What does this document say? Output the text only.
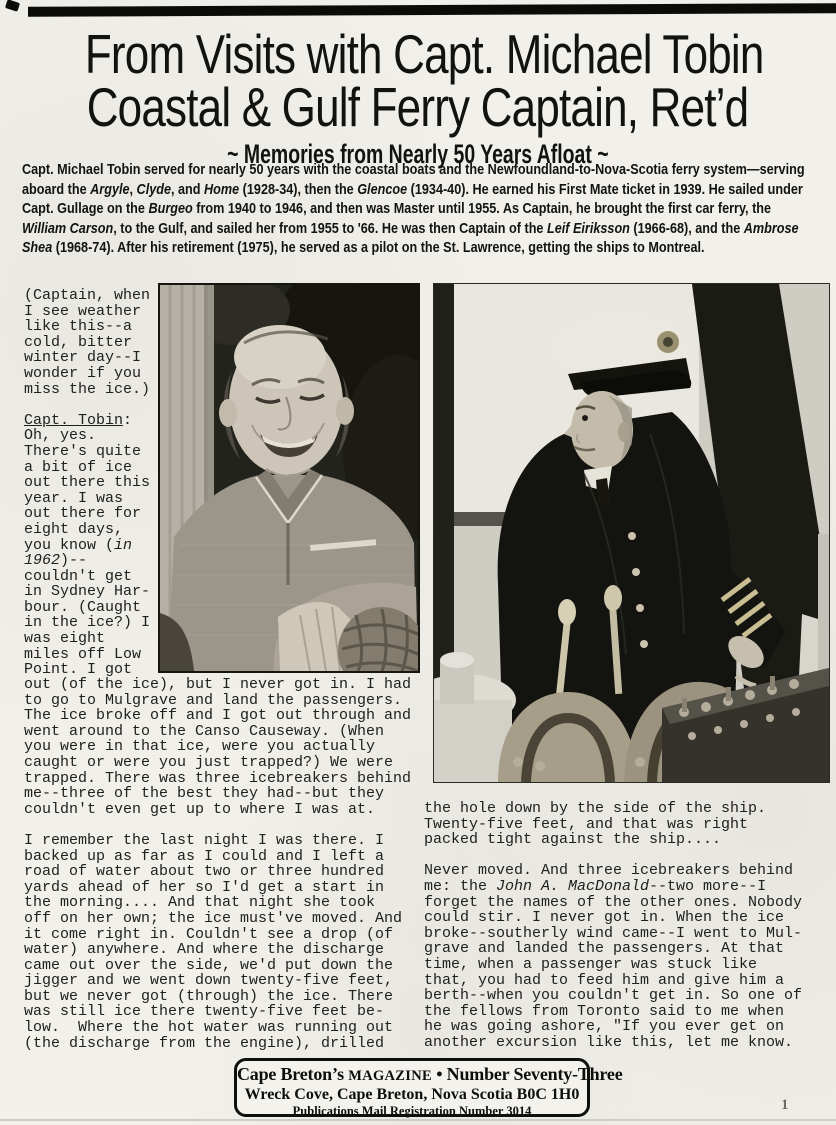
From Visits with Capt. Michael Tobin
Coastal & Gulf Ferry Captain, Ret’d
~ Memories from Nearly 50 Years Afloat ~

Capt. Michael Tobin served for nearly 50 years with the coastal boats and the Newfoundland-to-Nova-Scotia ferry system—serving aboard the Argyle, Clyde, and Home (1928-34), then the Glencoe (1934-40). He earned his First Mate ticket in 1939. He sailed under Capt. Gullage on the Burgeo from 1940 to 1946, and then was Master until 1955. As Captain, he brought the first car ferry, the William Carson, to the Gulf, and sailed her from 1955 to '66. He was then Captain of the Leif Eiriksson (1966-68), and the Ambrose Shea (1968-74). After his retirement (1975), he served as a pilot on the St. Lawrence, getting the ships to Montreal.

(Captain, when
I see weather
like this--a
cold, bitter
winter day--I
wonder if you
miss the ice.)

Capt. Tobin:
Oh, yes.
There's quite
a bit of ice
out there this
year. I was
out there for
eight days,
you know (in
1962)--
couldn't get
in Sydney Har-
bour. (Caught
in the ice?) I
was eight
miles off Low
Point. I got
out (of the ice), but I never got in. I had
to go to Mulgrave and land the passengers.
The ice broke off and I got out through and
went around to the Canso Causeway. (When
you were in that ice, were you actually
caught or were you just trapped?) We were
trapped. There was three icebreakers behind
me--three of the best they had--but they
couldn't even get up to where I was at.

I remember the last night I was there. I
backed up as far as I could and I left a
road of water about two or three hundred
yards ahead of her so I'd get a start in
the morning.... And that night she took
off on her own; the ice must've moved. And
it come right in. Couldn't see a drop (of
water) anywhere. And where the discharge
came out over the side, we'd put down the
jigger and we went down twenty-five feet,
but we never got (through) the ice. There
was still ice there twenty-five feet be-
low.  Where the hot water was running out
(the discharge from the engine), drilled
the hole down by the side of the ship.
Twenty-five feet, and that was right
packed tight against the ship....

Never moved. And three icebreakers behind
me: the John A. MacDonald--two more--I
forget the names of the other ones. Nobody
could stir. I never got in. When the ice
broke--southerly wind came--I went to Mul-
grave and landed the passengers. At that
time, when a passenger was stuck like
that, you had to feed him and give him a
berth--when you couldn't get in. So one of
the fellows from Toronto said to me when
he was going ashore, "If you ever get on
another excursion like this, let me know.
Cape Breton’s MAGAZINE • Number Seventy-Three
Wreck Cove, Cape Breton, Nova Scotia B0C 1H0
Publications Mail Registration Number 3014	1
